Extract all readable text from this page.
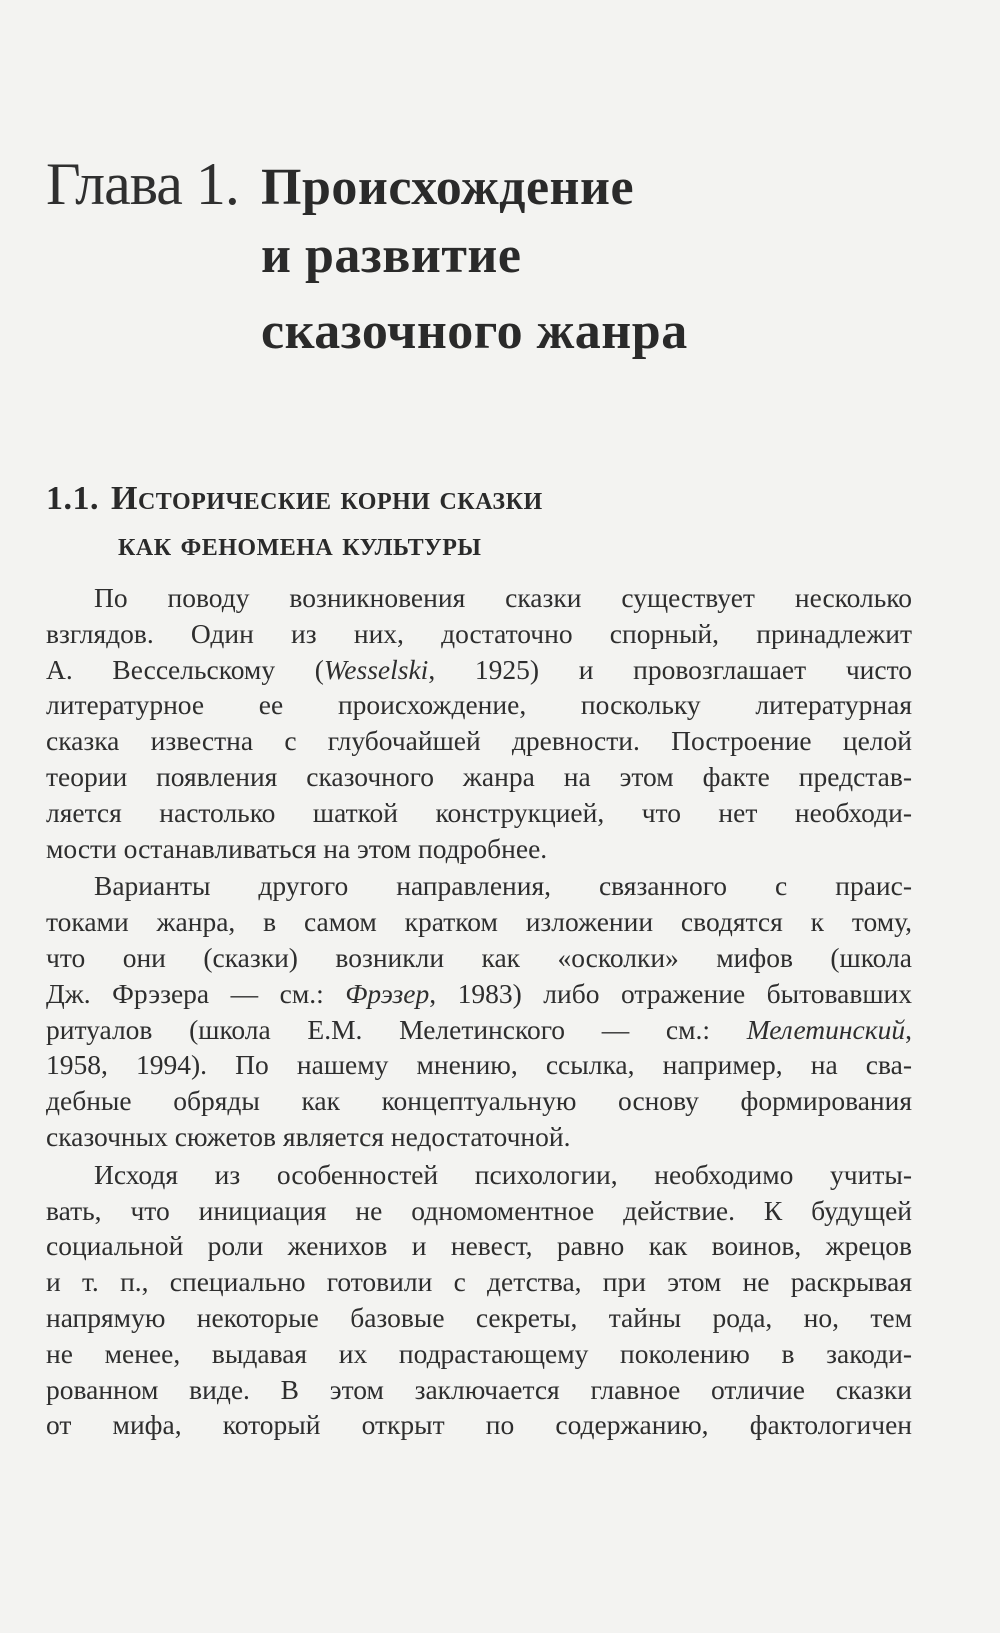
Глава 1. Происхождение
и развитие
сказочного жанра
1.1. Исторические корни сказки
как феномена культуры
По поводу возникновения сказки существует несколько
взглядов. Один из них, достаточно спорный, принадлежит
А. Весcельскому (Wesselski, 1925) и провозглашает чисто
литературное ее происхождение, поскольку литературная
сказка известна с глубочайшей древности. Построение целой
теории появления сказочного жанра на этом факте представ-
ляется настолько шаткой конструкцией, что нет необходи-
мости останавливаться на этом подробнее.
Варианты другого направления, связанного с праис-
токами жанра, в самом кратком изложении сводятся к тому,
что они (сказки) возникли как «осколки» мифов (школа
Дж. Фрэзера — см.: Фрэзер, 1983) либо отражение бытовавших
ритуалов (школа Е.М. Мелетинского — см.: Мелетинский,
1958, 1994). По нашему мнению, ссылка, например, на сва-
дебные обряды как концептуальную основу формирования
сказочных сюжетов является недостаточной.
Исходя из особенностей психологии, необходимо учиты-
вать, что инициация не одномоментное действие. К будущей
социальной роли женихов и невест, равно как воинов, жрецов
и т. п., специально готовили с детства, при этом не раскрывая
напрямую некоторые базовые секреты, тайны рода, но, тем
не менее, выдавая их подрастающему поколению в закоди-
рованном виде. В этом заключается главное отличие сказки
от мифа, который открыт по содержанию, фактологичен
